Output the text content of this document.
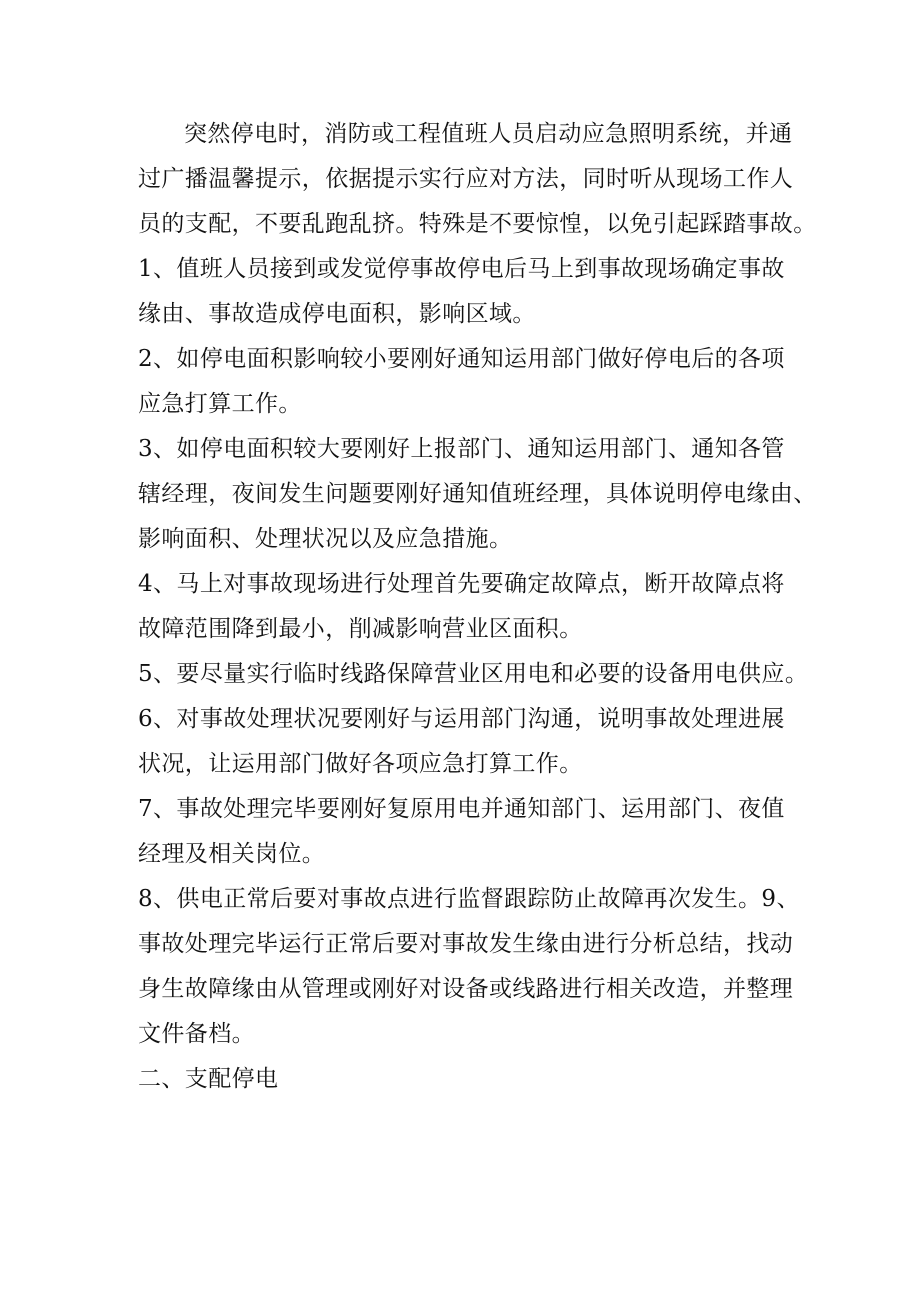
突然停电时，消防或工程值班人员启动应急照明系统，并通
过广播温馨提示，依据提示实行应对方法，同时听从现场工作人
员的支配，不要乱跑乱挤。特殊是不要惊惶，以免引起踩踏事故。

1、值班人员接到或发觉停事故停电后马上到事故现场确定事故
缘由、事故造成停电面积，影响区域。

2、如停电面积影响较小要刚好通知运用部门做好停电后的各项
应急打算工作。

3、如停电面积较大要刚好上报部门、通知运用部门、通知各管
辖经理，夜间发生问题要刚好通知值班经理，具体说明停电缘由、
影响面积、处理状况以及应急措施。

4、马上对事故现场进行处理首先要确定故障点，断开故障点将
故障范围降到最小，削减影响营业区面积。

5、要尽量实行临时线路保障营业区用电和必要的设备用电供应。

6、对事故处理状况要刚好与运用部门沟通，说明事故处理进展
状况，让运用部门做好各项应急打算工作。

7、事故处理完毕要刚好复原用电并通知部门、运用部门、夜值
经理及相关岗位。

8、供电正常后要对事故点进行监督跟踪防止故障再次发生。9、
事故处理完毕运行正常后要对事故发生缘由进行分析总结，找动
身生故障缘由从管理或刚好对设备或线路进行相关改造，并整理
文件备档。

二、支配停电
